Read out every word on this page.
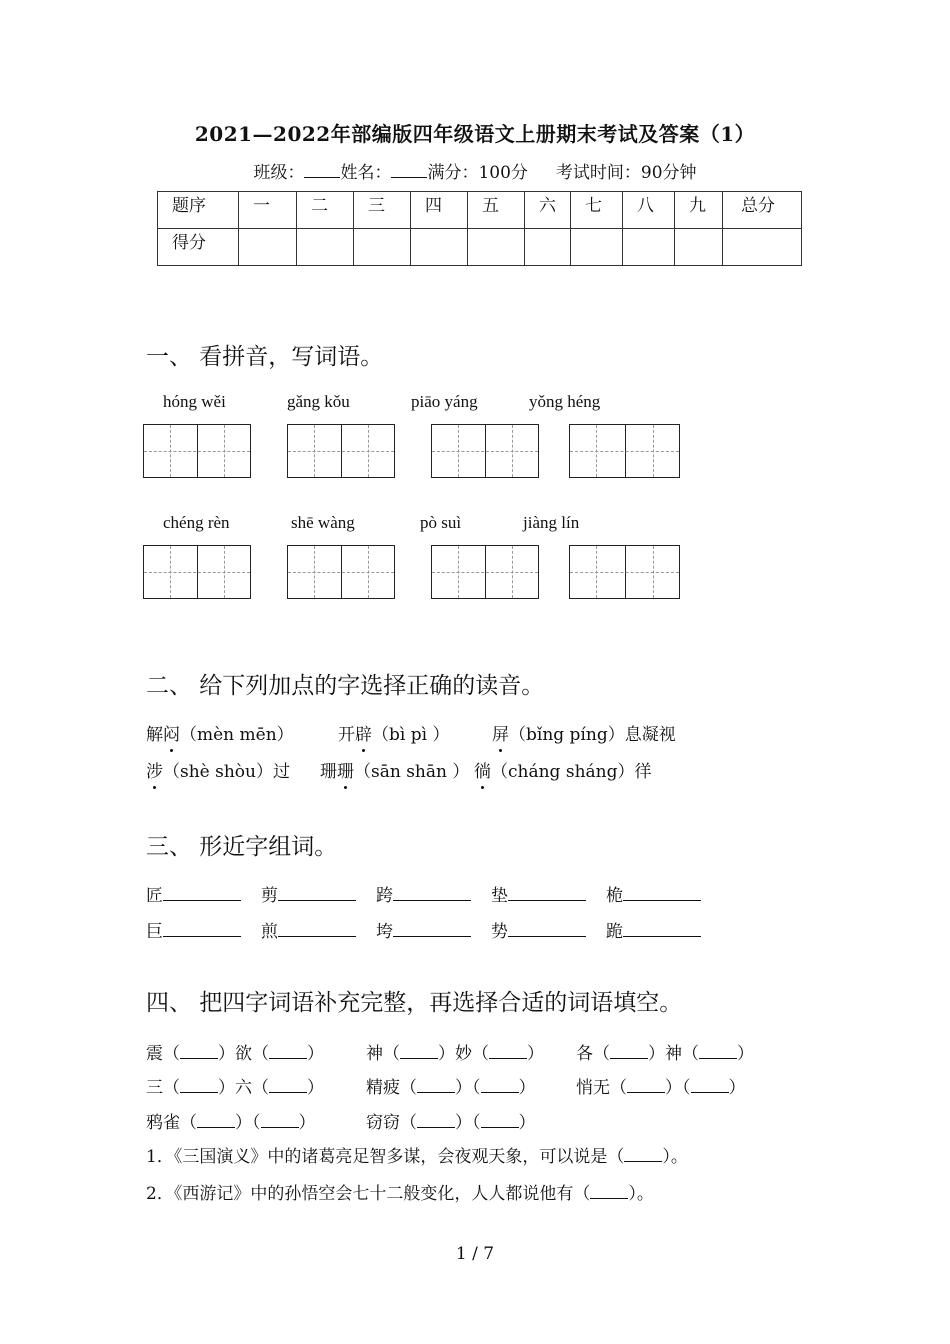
2021—2022年部编版四年级语文上册期末考试及答案（1）
班级： 姓名： 满分：100分 考试时间：90分钟
题序	一	二	三	四	五	六	七	八	九	总分
得分										
一、 看拼音，写词语。
hóng wěi	gǎng kǒu	piāo yáng	yǒng héng
chéng rèn	shē wàng	pò suì	jiàng lín
二、 给下列加点的字选择正确的读音。
解闷（mèn mēn）	开辟（bì pì ）	屏（bǐng píng）息凝视
涉（shè shòu）过 珊珊（sān shān ） 徜（cháng sháng）徉
三、 形近字组词。
匠	剪	跨	垫	桅
巨	煎	垮	势	跪
四、 把四字词语补充完整，再选择合适的词语填空。
震（ ）欲（ ） 神（ ）妙（ ） 各（ ）神（ ）
三（ ）六（ ） 精疲（ ）（ ） 悄无（ ）（ ）
鸦雀（ ）（ ）	窃窃（ ）（ ）
1．《三国演义》中的诸葛亮足智多谋，会夜观天象，可以说是（ ）。
2．《西游记》中的孙悟空会七十二般变化，人人都说他有（ ）。
1 / 7
